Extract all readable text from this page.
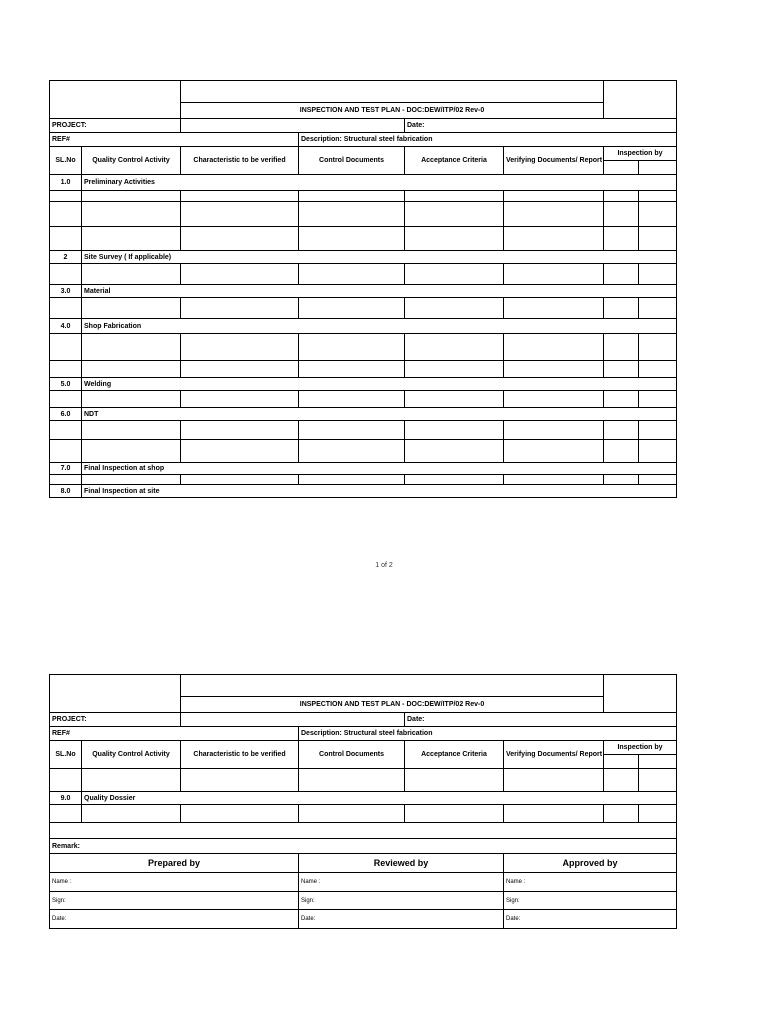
		INSPECTION AND TEST PLAN - DOC:DEW/ITP/02 Rev-0					
PROJECT:				Date:			
REF#			Description: Structural steel fabrication				
SL.No	Quality Control Activity	Characteristic to be verified	Control Documents	Acceptance Criteria	Verifying Documents/ Report	Inspection by	

1.0	Preliminary Activities						

2	Site Survey ( If applicable)						

3.0	Material						

4.0	Shop Fabrication						

5.0	Welding						

6.0	NDT						

7.0	Final Inspection at shop						

8.0	Final Inspection at site						
1 of 2

		INSPECTION AND TEST PLAN - DOC:DEW/ITP/02 Rev-0					
PROJECT:				Date:			
REF#			Description: Structural steel fabrication				
SL.No	Quality Control Activity	Characteristic to be verified	Control Documents	Acceptance Criteria	Verifying Documents/ Report	Inspection by	

9.0	Quality Dossier						

Remark:							
Prepared by			Reviewed by		Approved by		
Name :			Name :		Name :		
Sign:			Sign:		Sign:		
Date:			Date:		Date:		
